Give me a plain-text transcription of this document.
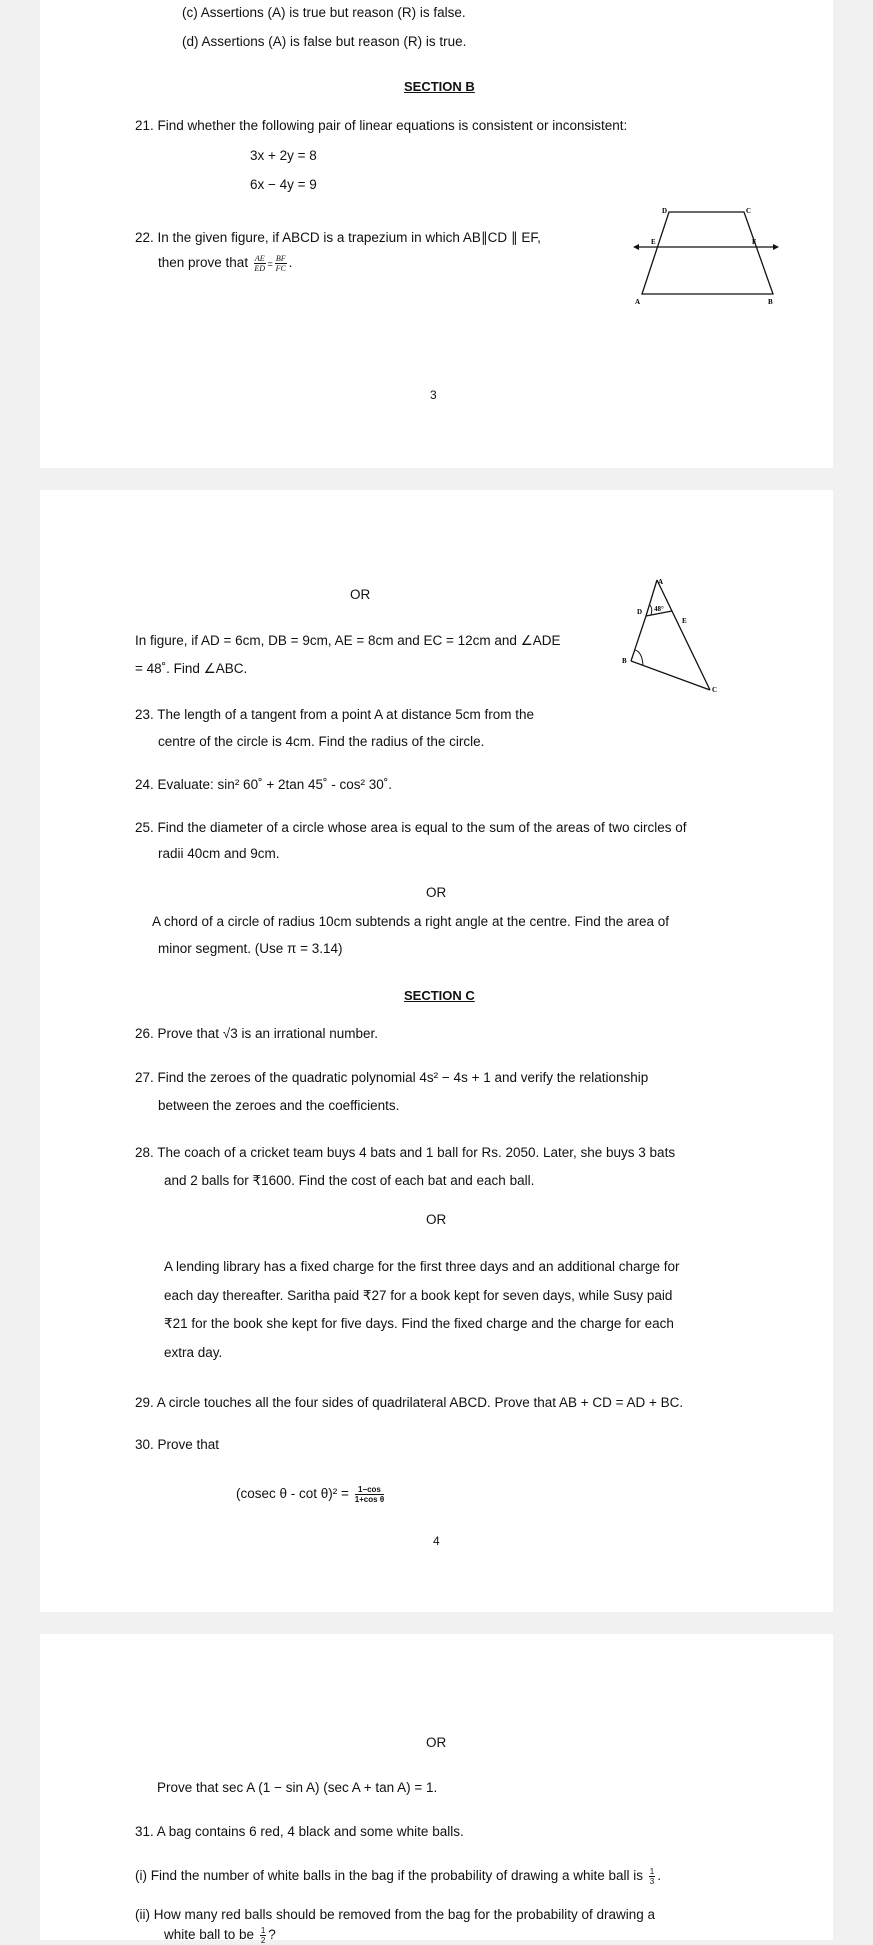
(c) Assertions (A) is true but reason (R) is false.
(d) Assertions (A) is false but reason (R) is true.
SECTION B
21. Find whether the following pair of linear equations is consistent or inconsistent:
3x + 2y = 8
6x − 4y = 9
22. In the given figure, if ABCD is a trapezium in which AB∥CD ∥ EF,
then prove that $\frac{AE}{ED} = \frac{BF}{FC}$ .
D	C
E	F
A	B
3
OR
In figure, if AD = 6cm, DB = 9cm, AE = 8cm and EC = 12cm and ∠ADE
= 48˚. Find ∠ABC.
A
D 48°
E
B
C
23. The length of a tangent from a point A at distance 5cm from the
centre of the circle is 4cm. Find the radius of the circle.
24. Evaluate: sin² 60˚ + 2tan 45˚ - cos² 30˚.
25. Find the diameter of a circle whose area is equal to the sum of the areas of two circles of
radii 40cm and 9cm.
OR
A chord of a circle of radius 10cm subtends a right angle at the centre. Find the area of
minor segment. (Use π = 3.14)
SECTION C
26. Prove that √3 is an irrational number.
27. Find the zeroes of the quadratic polynomial 4s² − 4s + 1 and verify the relationship
between the zeroes and the coefficients.
28. The coach of a cricket team buys 4 bats and 1 ball for Rs. 2050. Later, she buys 3 bats
and 2 balls for ₹1600. Find the cost of each bat and each ball.
OR
A lending library has a fixed charge for the first three days and an additional charge for
each day thereafter. Saritha paid ₹27 for a book kept for seven days, while Susy paid
₹21 for the book she kept for five days. Find the fixed charge and the charge for each
extra day.
29. A circle touches all the four sides of quadrilateral ABCD. Prove that AB + CD = AD + BC.
30. Prove that
(cosec $\theta - \cot \theta)^2 = \frac{1-\cos}{\text{1+cos θ}}$
4
OR
Prove that sec A (1 − sin A) (sec A + tan A) = 1.
31. A bag contains 6 red, 4 black and some white balls.
(i) Find the number of white balls in the bag if the probability of drawing a white ball is $\frac{1}{3}$ .
(ii) How many red balls should be removed from the bag for the probability of drawing a
white ball to be $\frac{1}{2}$ ?
